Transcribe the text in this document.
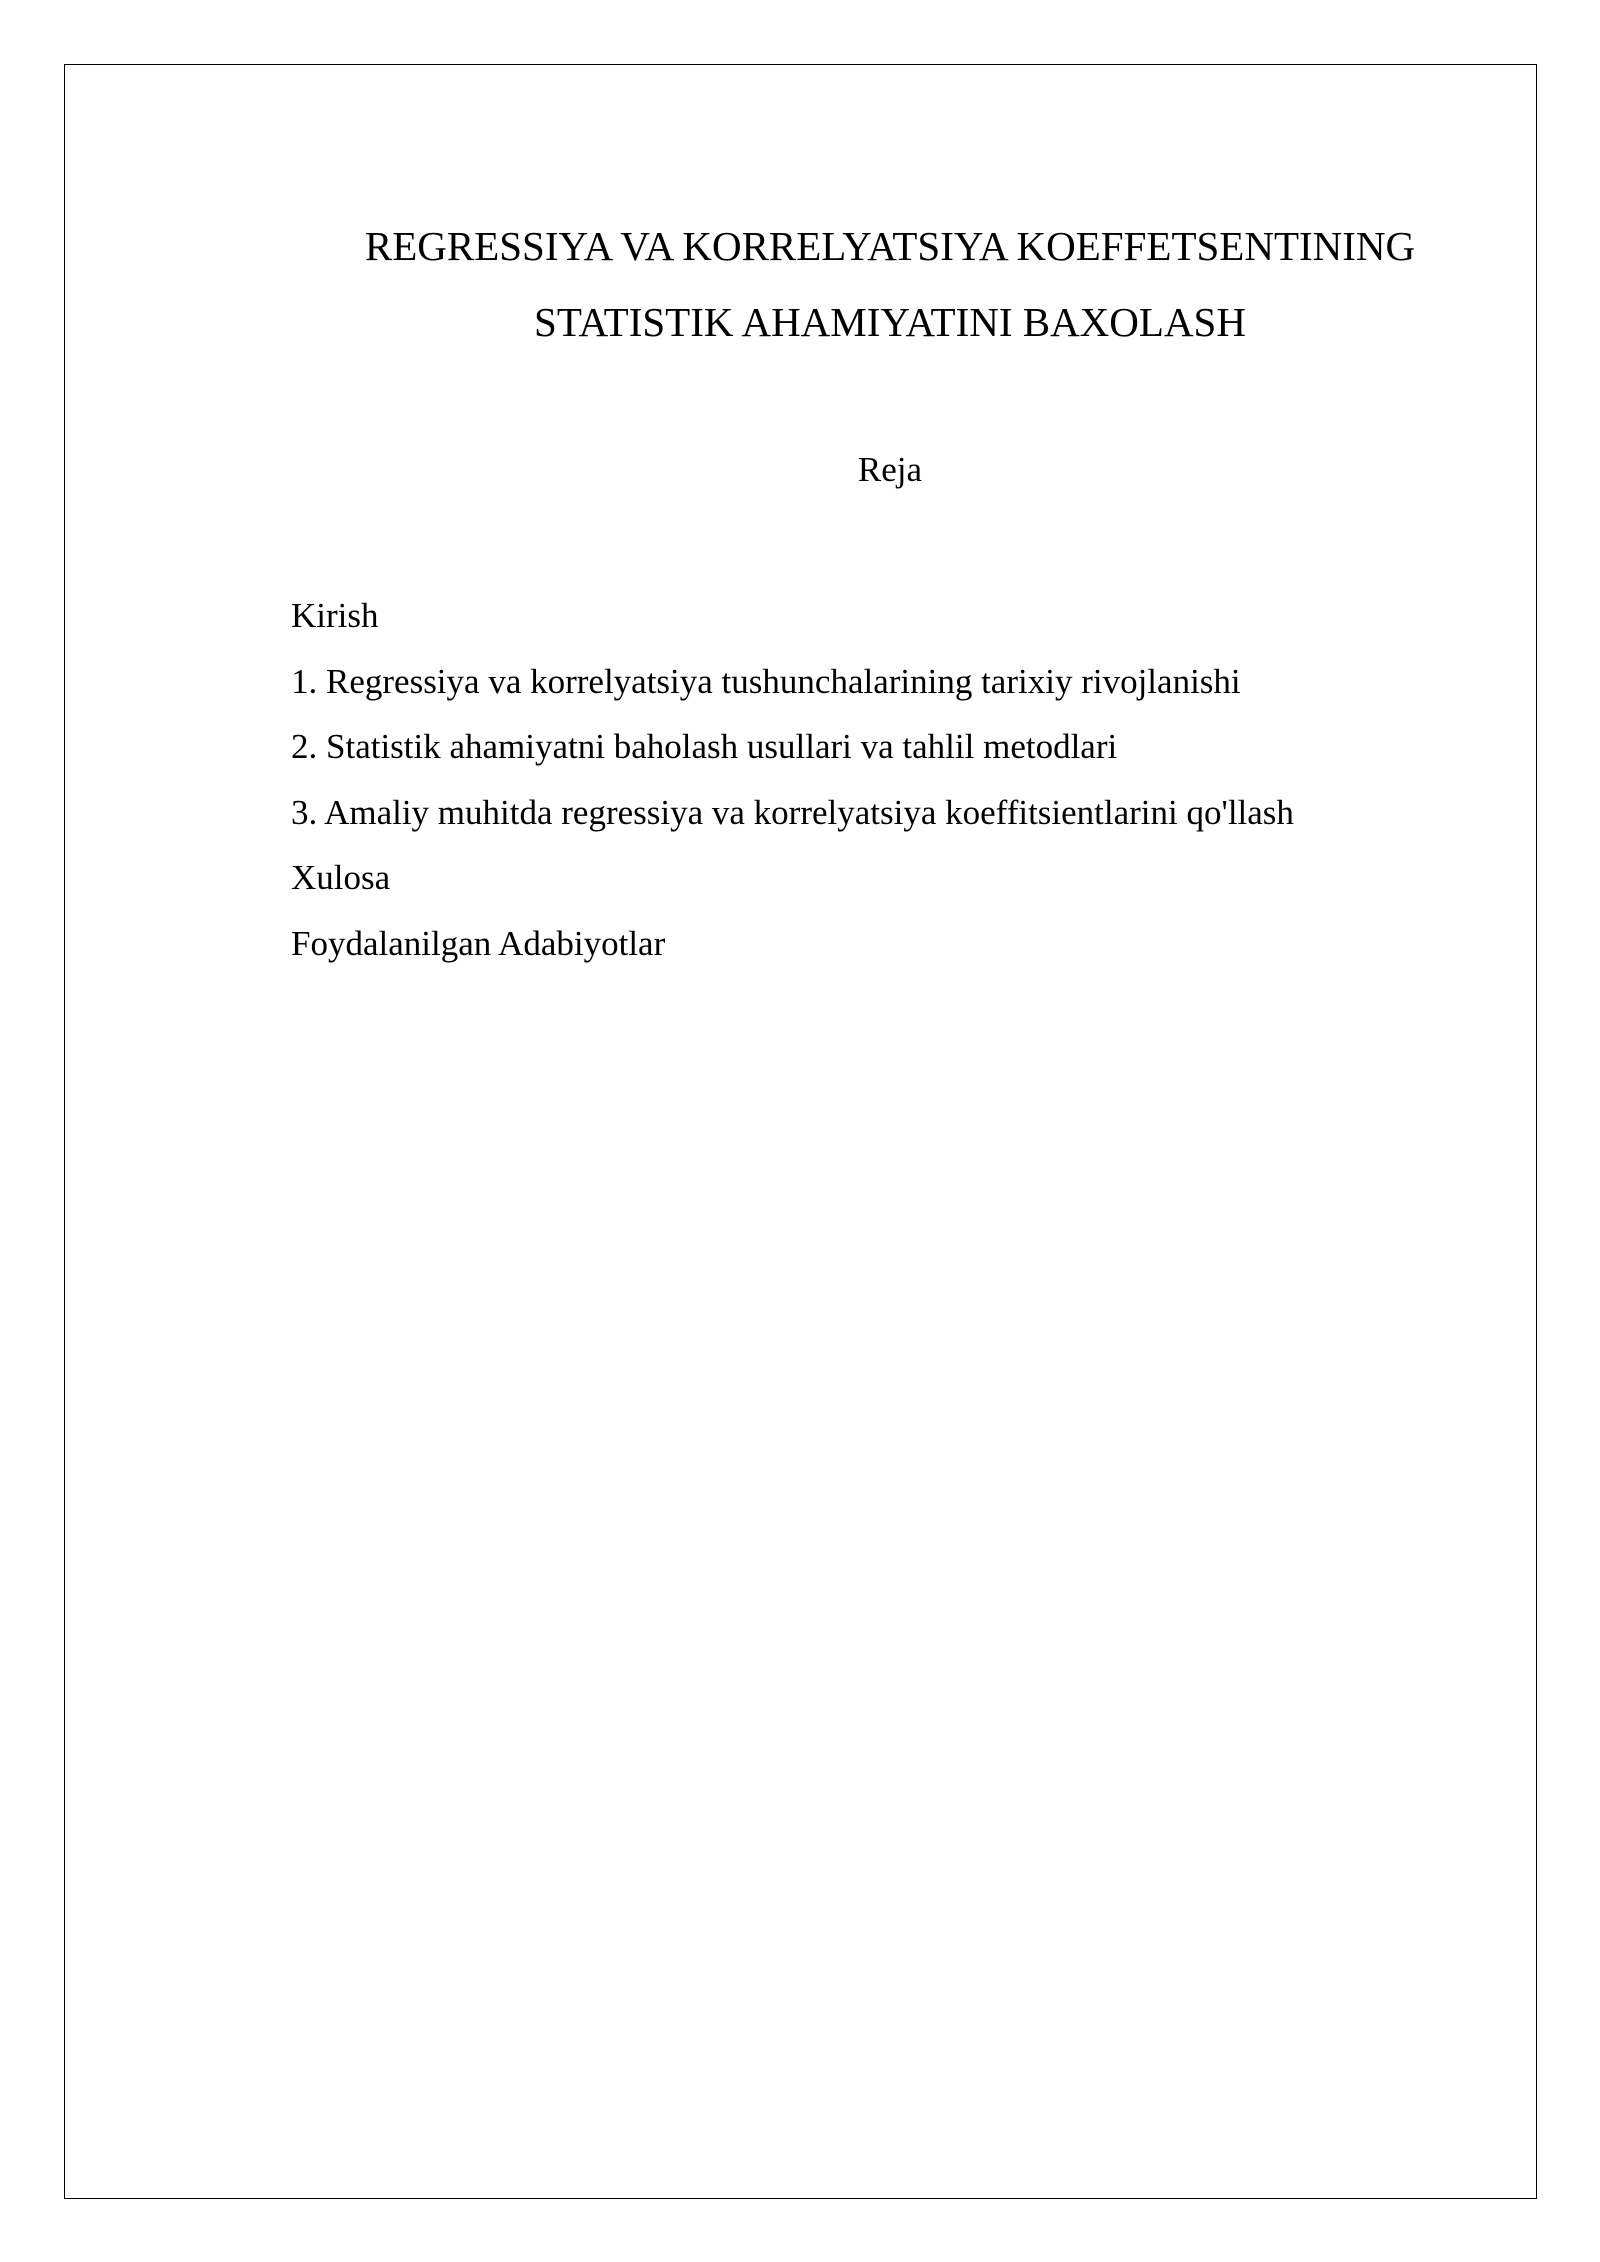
REGRESSIYA VA KORRELYATSIYA KOEFFETSENTINING
STATISTIK AHAMIYATINI BAXOLASH
Reja
Kirish
1. Regressiya va korrelyatsiya tushunchalarining tarixiy rivojlanishi
2. Statistik ahamiyatni baholash usullari va tahlil metodlari
3. Amaliy muhitda regressiya va korrelyatsiya koeffitsientlarini qo'llash
Xulosa
Foydalanilgan Adabiyotlar
